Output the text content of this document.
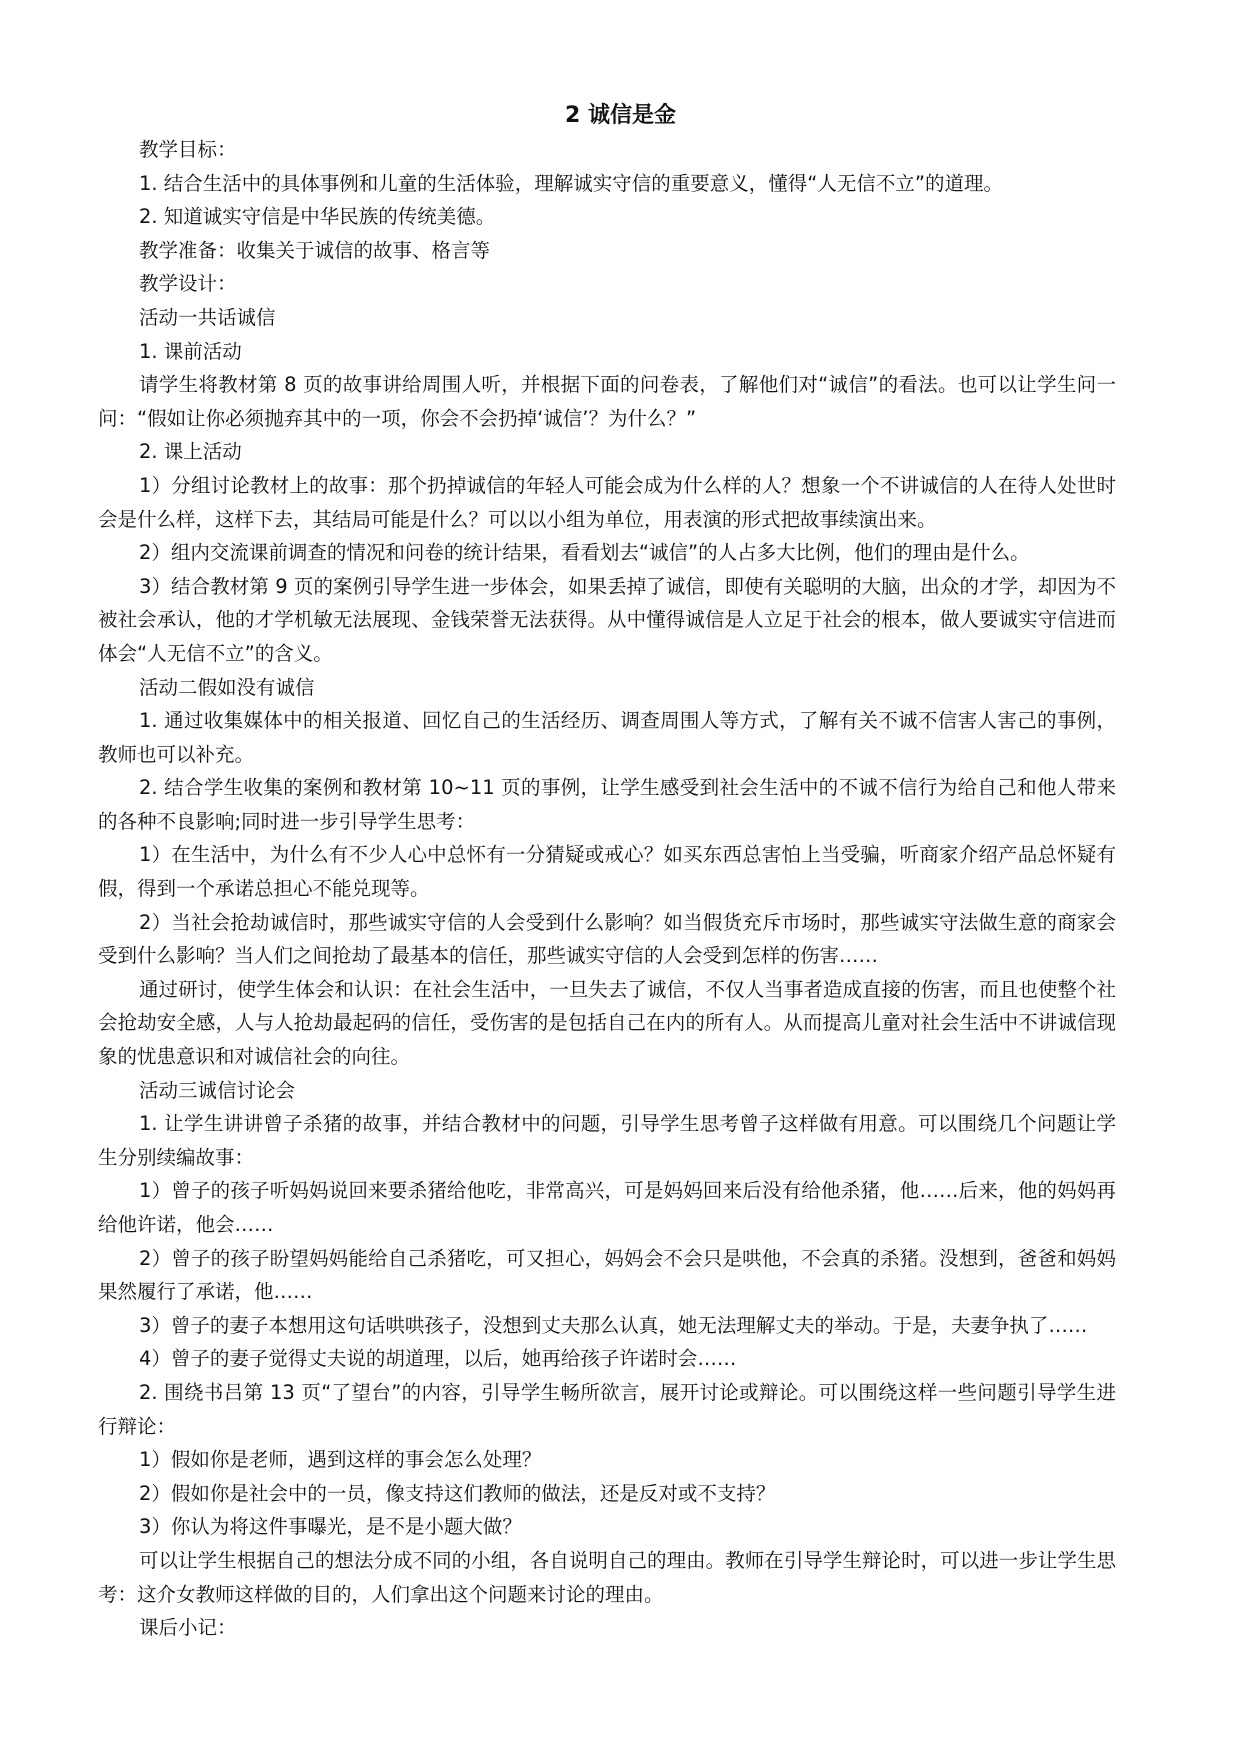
2 诚信是金

教学目标：

1. 结合生活中的具体事例和儿童的生活体验，理解诚实守信的重要意义，懂得“人无信不立”的道理。

2. 知道诚实守信是中华民族的传统美德。

教学准备：收集关于诚信的故事、格言等

教学设计：

活动一共话诚信

1. 课前活动

请学生将教材第 8 页的故事讲给周围人听，并根据下面的问卷表，了解他们对“诚信”的看法。也可以让学生问一问：“假如让你必须抛弃其中的一项，你会不会扔掉‘诚信’？为什么？”

2. 课上活动

1）分组讨论教材上的故事：那个扔掉诚信的年轻人可能会成为什么样的人？想象一个不讲诚信的人在待人处世时会是什么样，这样下去，其结局可能是什么？可以以小组为单位，用表演的形式把故事续演出来。

2）组内交流课前调查的情况和问卷的统计结果，看看划去“诚信”的人占多大比例，他们的理由是什么。

3）结合教材第 9 页的案例引导学生进一步体会，如果丢掉了诚信，即使有关聪明的大脑，出众的才学，却因为不被社会承认，他的才学机敏无法展现、金钱荣誉无法获得。从中懂得诚信是人立足于社会的根本，做人要诚实守信进而体会“人无信不立”的含义。

活动二假如没有诚信

1. 通过收集媒体中的相关报道、回忆自己的生活经历、调查周围人等方式，了解有关不诚不信害人害己的事例，教师也可以补充。

2. 结合学生收集的案例和教材第 10~11 页的事例，让学生感受到社会生活中的不诚不信行为给自己和他人带来的各种不良影响;同时进一步引导学生思考：

1）在生活中，为什么有不少人心中总怀有一分猜疑或戒心？如买东西总害怕上当受骗，听商家介绍产品总怀疑有假，得到一个承诺总担心不能兑现等。

2）当社会抢劫诚信时，那些诚实守信的人会受到什么影响？如当假货充斥市场时，那些诚实守法做生意的商家会受到什么影响？当人们之间抢劫了最基本的信任，那些诚实守信的人会受到怎样的伤害……

通过研讨，使学生体会和认识：在社会生活中，一旦失去了诚信，不仅人当事者造成直接的伤害，而且也使整个社会抢劫安全感，人与人抢劫最起码的信任，受伤害的是包括自己在内的所有人。从而提高儿童对社会生活中不讲诚信现象的忧患意识和对诚信社会的向往。

活动三诚信讨论会

1. 让学生讲讲曾子杀猪的故事，并结合教材中的问题，引导学生思考曾子这样做有用意。可以围绕几个问题让学生分别续编故事：

1）曾子的孩子听妈妈说回来要杀猪给他吃，非常高兴，可是妈妈回来后没有给他杀猪，他……后来，他的妈妈再给他许诺，他会……

2）曾子的孩子盼望妈妈能给自己杀猪吃，可又担心，妈妈会不会只是哄他，不会真的杀猪。没想到，爸爸和妈妈果然履行了承诺，他……

3）曾子的妻子本想用这句话哄哄孩子，没想到丈夫那么认真，她无法理解丈夫的举动。于是，夫妻争执了……

4）曾子的妻子觉得丈夫说的胡道理，以后，她再给孩子许诺时会……

2. 围绕书吕第 13 页“了望台”的内容，引导学生畅所欲言，展开讨论或辩论。可以围绕这样一些问题引导学生进行辩论：

1）假如你是老师，遇到这样的事会怎么处理？

2）假如你是社会中的一员，像支持这们教师的做法，还是反对或不支持？

3）你认为将这件事曝光，是不是小题大做？

可以让学生根据自己的想法分成不同的小组，各自说明自己的理由。教师在引导学生辩论时，可以进一步让学生思考：这介女教师这样做的目的，人们拿出这个问题来讨论的理由。

课后小记：
